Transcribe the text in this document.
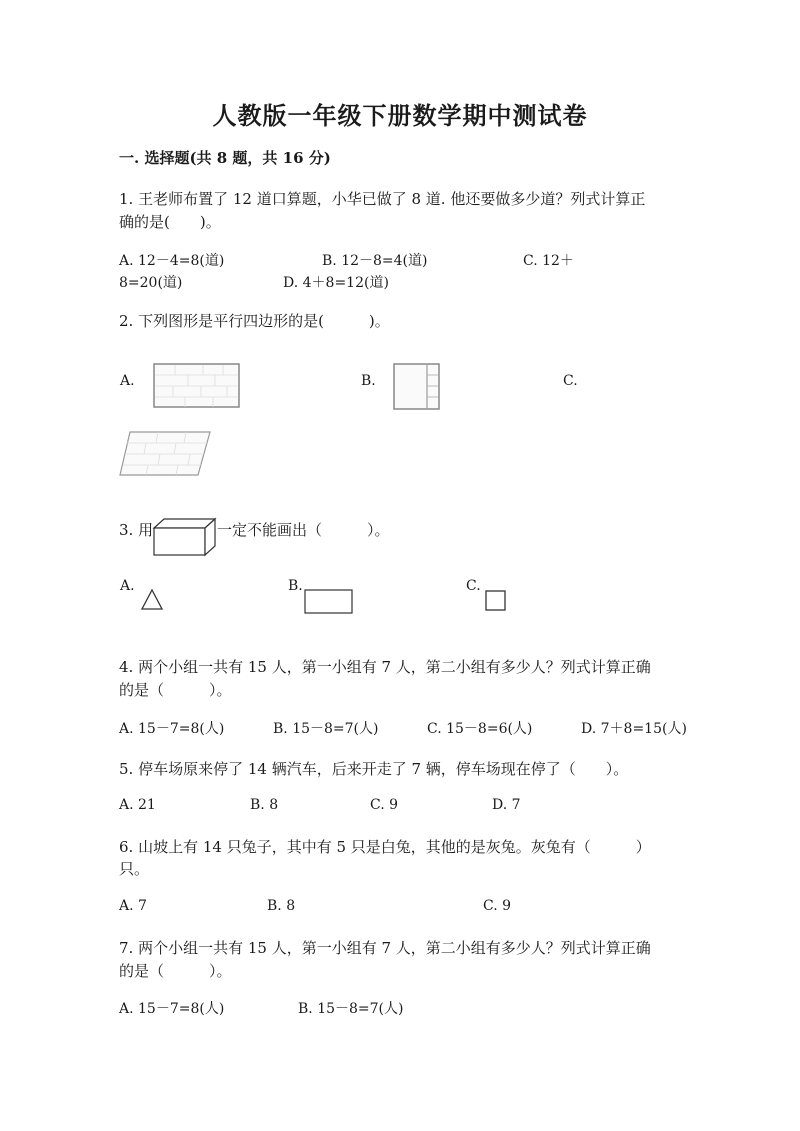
人教版一年级下册数学期中测试卷
一. 选择题(共 8 题，共 16 分)
1. 王老师布置了 12 道口算题，小华已做了 8 道. 他还要做多少道？列式计算正
确的是(　　)。
A. 12－4=8(道)	B. 12－8=4(道)	C. 12＋
8=20(道)	D. 4＋8=12(道)
2. 下列图形是平行四边形的是(　　　)。
A.	B.	C.
3. 用	一定不能画出（　　　）。
A.	B.	C.
4. 两个小组一共有 15 人，第一小组有 7 人，第二小组有多少人？列式计算正确
的是（　　　）。
A. 15－7=8(人)	B. 15－8=7(人)	C. 15－8=6(人)	D. 7＋8=15(人)
5. 停车场原来停了 14 辆汽车，后来开走了 7 辆，停车场现在停了（　　）。
A. 21	B. 8	C. 9	D. 7
6. 山坡上有 14 只兔子，其中有 5 只是白兔，其他的是灰兔。灰兔有（　　　）
只。
A. 7	B. 8	C. 9
7. 两个小组一共有 15 人，第一小组有 7 人，第二小组有多少人？列式计算正确
的是（　　　）。
A. 15－7=8(人)	B. 15－8=7(人)
